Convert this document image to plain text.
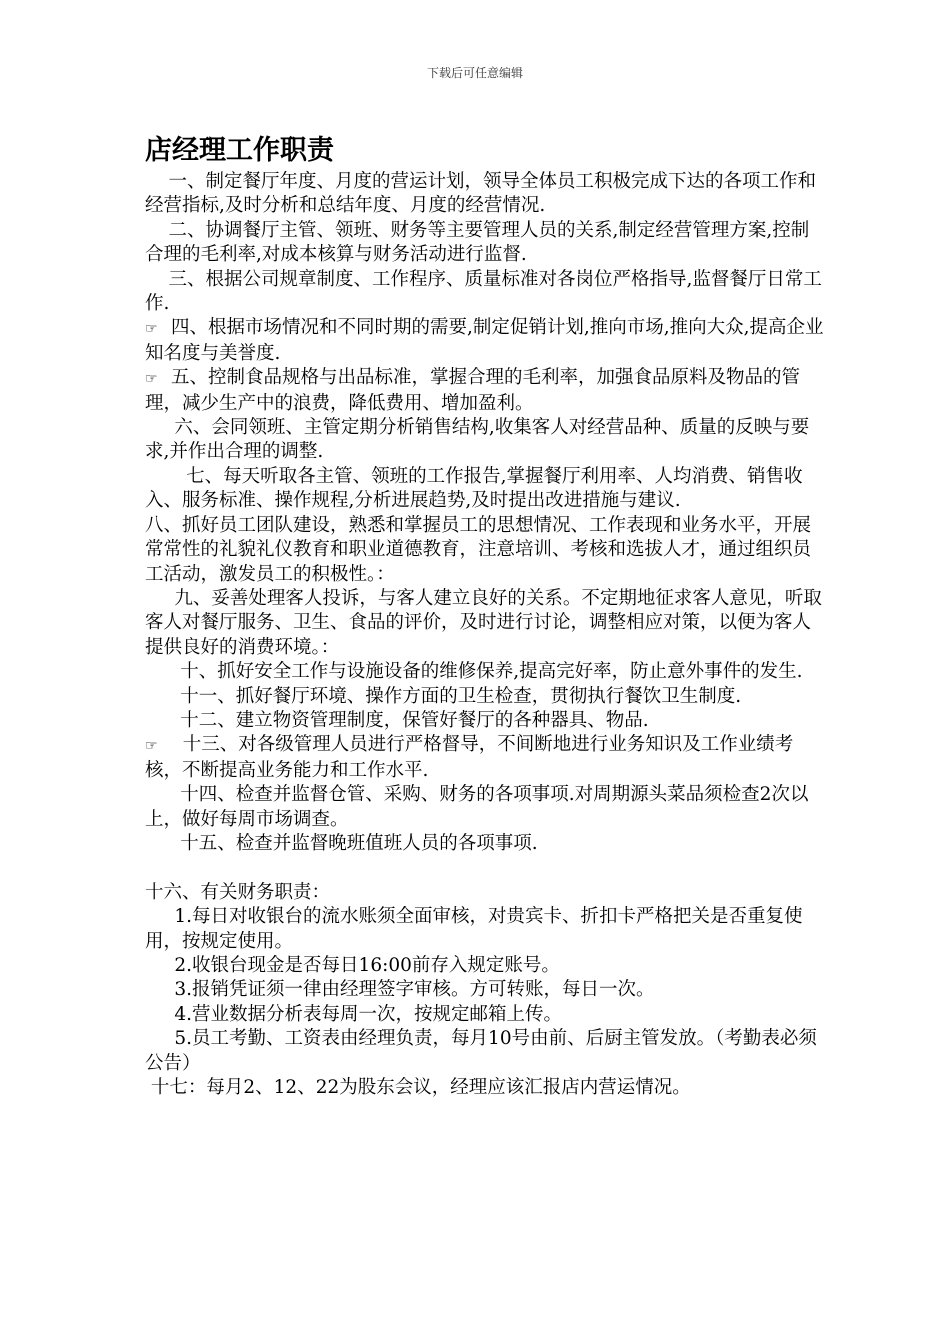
下载后可任意编辑
店经理工作职责

一、制定餐厅年度、月度的营运计划，领导全体员工积极完成下达的各项工作和经营指标,及时分析和总结年度、月度的经营情况.

二、协调餐厅主管、领班、财务等主要管理人员的关系,制定经营管理方案,控制合理的毛利率,对成本核算与财务活动进行监督.

三、根据公司规章制度、工作程序、质量标准对各岗位严格指导,监督餐厅日常工作.

☞ 四、根据市场情况和不同时期的需要,制定促销计划,推向市场,推向大众,提高企业知名度与美誉度.

☞ 五、控制食品规格与出品标准，掌握合理的毛利率，加强食品原料及物品的管理，减少生产中的浪费，降低费用、增加盈利。

六、会同领班、主管定期分析销售结构,收集客人对经营品种、质量的反映与要求,并作出合理的调整.

七、每天听取各主管、领班的工作报告,掌握餐厅利用率、人均消费、销售收入、服务标准、操作规程,分析进展趋势,及时提出改进措施与建议.

八、抓好员工团队建设，熟悉和掌握员工的思想情况、工作表现和业务水平，开展常常性的礼貌礼仪教育和职业道德教育，注意培训、考核和选拔人才，通过组织员工活动，激发员工的积极性。：

九、妥善处理客人投诉，与客人建立良好的关系。不定期地征求客人意见，听取客人对餐厅服务、卫生、食品的评价，及时进行讨论，调整相应对策，以便为客人提供良好的消费环境。：

十、抓好安全工作与设施设备的维修保养,提高完好率，防止意外事件的发生.

十一、抓好餐厅环境、操作方面的卫生检查，贯彻执行餐饮卫生制度.

十二、建立物资管理制度，保管好餐厅的各种器具、物品.

☞  十三、对各级管理人员进行严格督导，不间断地进行业务知识及工作业绩考核，不断提高业务能力和工作水平.

十四、检查并监督仓管、采购、财务的各项事项.对周期源头菜品须检查2次以上，做好每周市场调查。

十五、检查并监督晚班值班人员的各项事项.

十六、有关财务职责：

1.每日对收银台的流水账须全面审核，对贵宾卡、折扣卡严格把关是否重复使用，按规定使用。

2.收银台现金是否每日16:00前存入规定账号。

3.报销凭证须一律由经理签字审核。方可转账，每日一次。

4.营业数据分析表每周一次，按规定邮箱上传。

5.员工考勤、工资表由经理负责，每月10号由前、后厨主管发放。（考勤表必须公告）

十七：每月2、12、22为股东会议，经理应该汇报店内营运情况。
